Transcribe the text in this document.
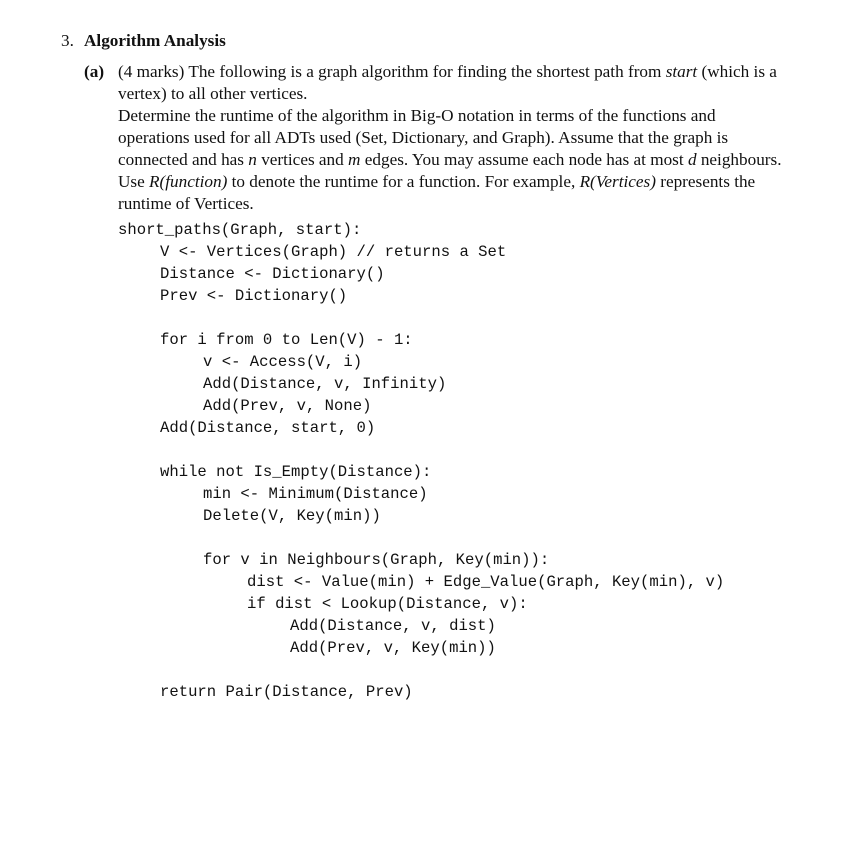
3. Algorithm Analysis
(a) (4 marks) The following is a graph algorithm for finding the shortest path from start (which is a
vertex) to all other vertices.
Determine the runtime of the algorithm in Big-O notation in terms of the functions and
operations used for all ADTs used (Set, Dictionary, and Graph). Assume that the graph is
connected and has n vertices and m edges. You may assume each node has at most d neighbours.
Use R(function) to denote the runtime for a function. For example, R(Vertices) represents the
runtime of Vertices.
short_paths(Graph, start):
V <- Vertices(Graph) // returns a Set
Distance <- Dictionary()
Prev <- Dictionary()
for i from 0 to Len(V) - 1:
v <- Access(V, i)
Add(Distance, v, Infinity)
Add(Prev, v, None)
Add(Distance, start, 0)
while not Is_Empty(Distance):
min <- Minimum(Distance)
Delete(V, Key(min))
for v in Neighbours(Graph, Key(min)):
dist <- Value(min) + Edge_Value(Graph, Key(min), v)
if dist < Lookup(Distance, v):
Add(Distance, v, dist)
Add(Prev, v, Key(min))
return Pair(Distance, Prev)
